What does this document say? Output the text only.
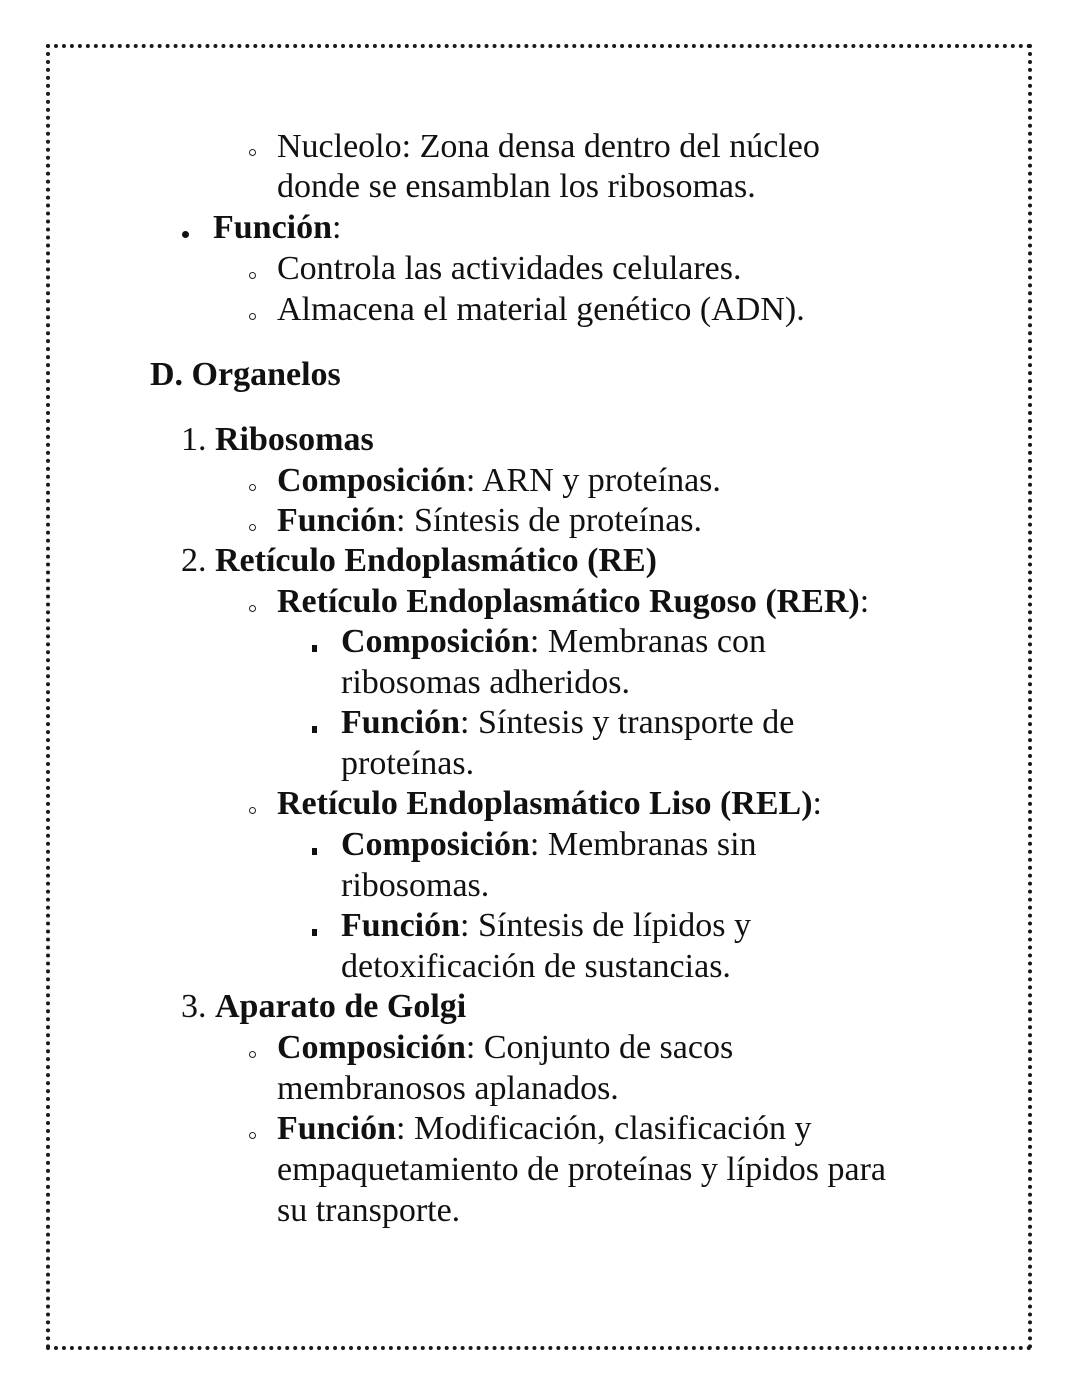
Nucleolo: Zona densa dentro del núcleo
donde se ensamblan los ribosomas.
Función:
Controla las actividades celulares.
Almacena el material genético (ADN).
D. Organelos
1. Ribosomas
Composición: ARN y proteínas.
Función: Síntesis de proteínas.
2. Retículo Endoplasmático (RE)
Retículo Endoplasmático Rugoso (RER):
Composición: Membranas con
ribosomas adheridos.
Función: Síntesis y transporte de
proteínas.
Retículo Endoplasmático Liso (REL):
Composición: Membranas sin
ribosomas.
Función: Síntesis de lípidos y
detoxificación de sustancias.
3. Aparato de Golgi
Composición: Conjunto de sacos
membranosos aplanados.
Función: Modificación, clasificación y
empaquetamiento de proteínas y lípidos para
su transporte.
